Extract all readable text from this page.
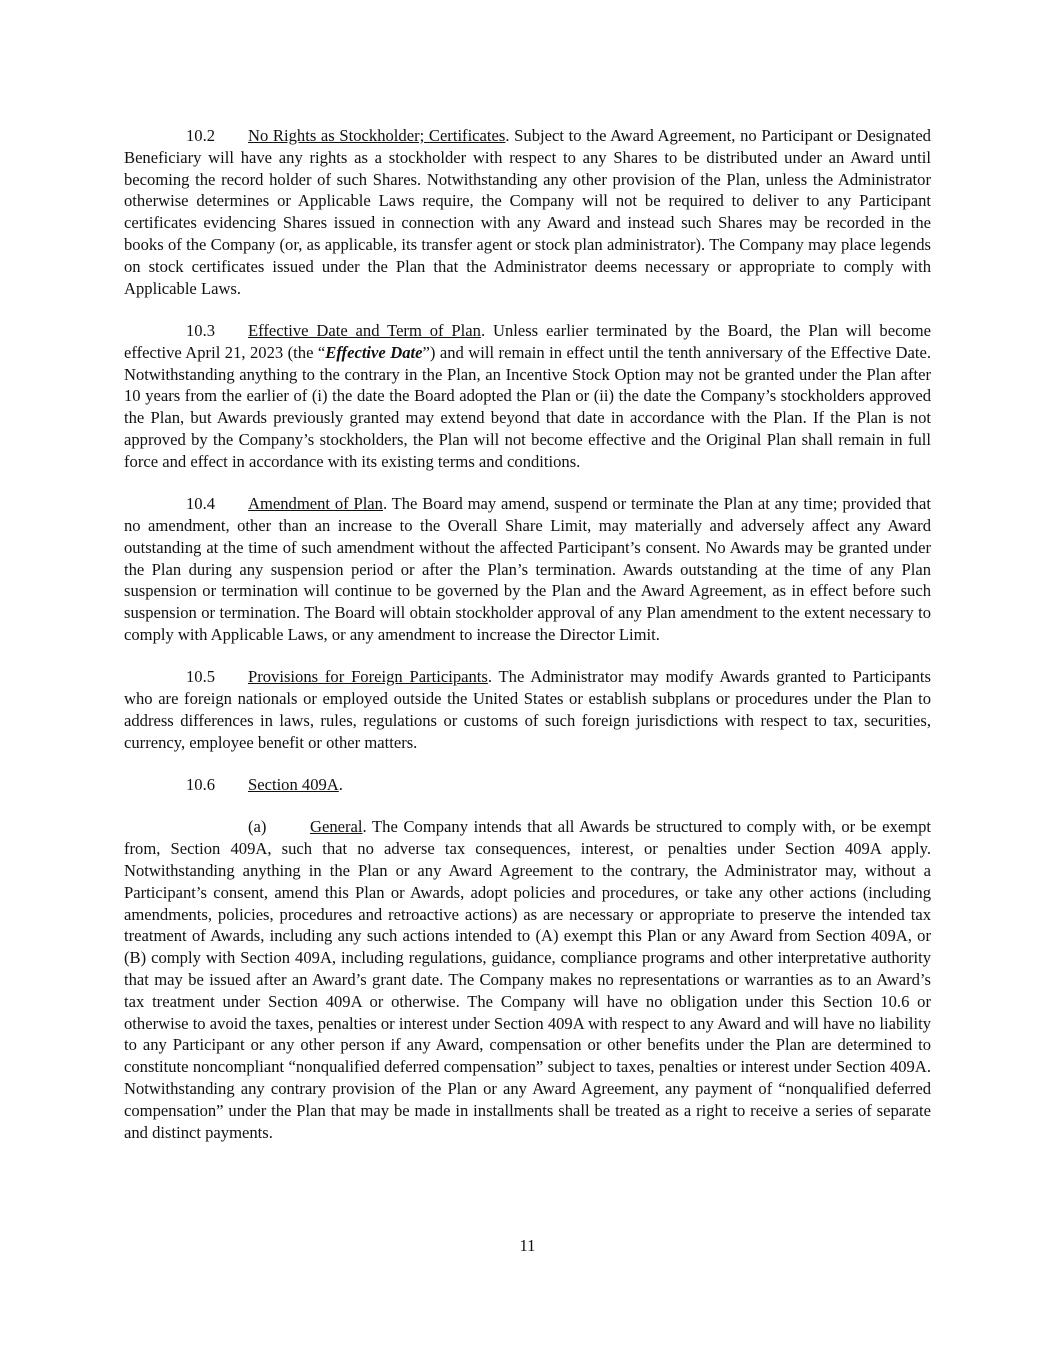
10.2 No Rights as Stockholder; Certificates. Subject to the Award Agreement, no Participant or Designated Beneficiary will have any rights as a stockholder with respect to any Shares to be distributed under an Award until becoming the record holder of such Shares. Notwithstanding any other provision of the Plan, unless the Administrator otherwise determines or Applicable Laws require, the Company will not be required to deliver to any Participant certificates evidencing Shares issued in connection with any Award and instead such Shares may be recorded in the books of the Company (or, as applicable, its transfer agent or stock plan administrator). The Company may place legends on stock certificates issued under the Plan that the Administrator deems necessary or appropriate to comply with Applicable Laws.

10.3 Effective Date and Term of Plan. Unless earlier terminated by the Board, the Plan will become effective April 21, 2023 (the “Effective Date”) and will remain in effect until the tenth anniversary of the Effective Date. Notwithstanding anything to the contrary in the Plan, an Incentive Stock Option may not be granted under the Plan after 10 years from the earlier of (i) the date the Board adopted the Plan or (ii) the date the Company’s stockholders approved the Plan, but Awards previously granted may extend beyond that date in accordance with the Plan. If the Plan is not approved by the Company’s stockholders, the Plan will not become effective and the Original Plan shall remain in full force and effect in accordance with its existing terms and conditions.

10.4 Amendment of Plan. The Board may amend, suspend or terminate the Plan at any time; provided that no amendment, other than an increase to the Overall Share Limit, may materially and adversely affect any Award outstanding at the time of such amendment without the affected Participant’s consent. No Awards may be granted under the Plan during any suspension period or after the Plan’s termination. Awards outstanding at the time of any Plan suspension or termination will continue to be governed by the Plan and the Award Agreement, as in effect before such suspension or termination. The Board will obtain stockholder approval of any Plan amendment to the extent necessary to comply with Applicable Laws, or any amendment to increase the Director Limit.

10.5 Provisions for Foreign Participants. The Administrator may modify Awards granted to Participants who are foreign nationals or employed outside the United States or establish subplans or procedures under the Plan to address differences in laws, rules, regulations or customs of such foreign jurisdictions with respect to tax, securities, currency, employee benefit or other matters.

10.6 Section 409A.

(a)	General. The Company intends that all Awards be structured to comply with, or be exempt from, Section 409A, such that no adverse tax consequences, interest, or penalties under Section 409A apply. Notwithstanding anything in the Plan or any Award Agreement to the contrary, the Administrator may, without a Participant’s consent, amend this Plan or Awards, adopt policies and procedures, or take any other actions (including amendments, policies, procedures and retroactive actions) as are necessary or appropriate to preserve the intended tax treatment of Awards, including any such actions intended to (A) exempt this Plan or any Award from Section 409A, or (B) comply with Section 409A, including regulations, guidance, compliance programs and other interpretative authority that may be issued after an Award’s grant date. The Company makes no representations or warranties as to an Award’s tax treatment under Section 409A or otherwise. The Company will have no obligation under this Section 10.6 or otherwise to avoid the taxes, penalties or interest under Section 409A with respect to any Award and will have no liability to any Participant or any other person if any Award, compensation or other benefits under the Plan are determined to constitute noncompliant “nonqualified deferred compensation” subject to taxes, penalties or interest under Section 409A. Notwithstanding any contrary provision of the Plan or any Award Agreement, any payment of “nonqualified deferred compensation” under the Plan that may be made in installments shall be treated as a right to receive a series of separate and distinct payments.

11
